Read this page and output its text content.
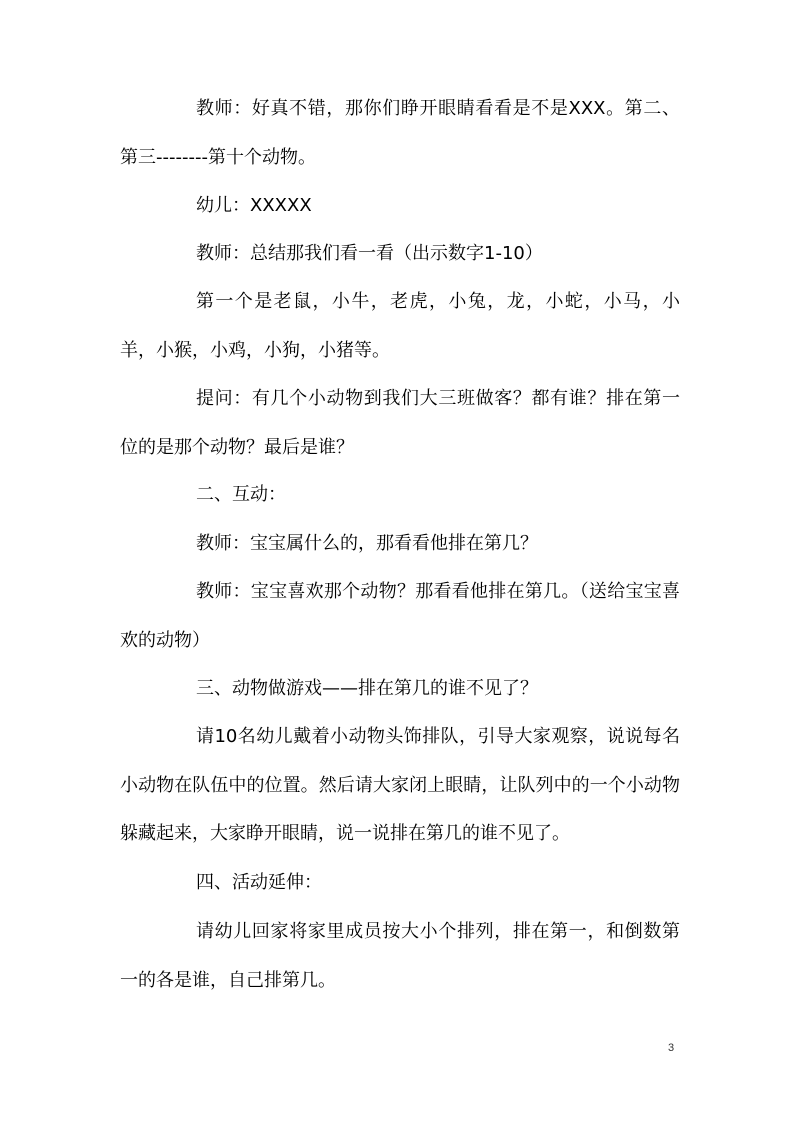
教师：好真不错，那你们睁开眼睛看看是不是XXX。第二、第三--------第十个动物。

幼儿：XXXXX

教师：总结那我们看一看（出示数字1-10）

第一个是老鼠，小牛，老虎，小兔，龙，小蛇，小马，小羊，小猴，小鸡，小狗，小猪等。

提问：有几个小动物到我们大三班做客？都有谁？排在第一位的是那个动物？最后是谁？

二、互动：

教师：宝宝属什么的，那看看他排在第几？

教师：宝宝喜欢那个动物？那看看他排在第几。（送给宝宝喜欢的动物）

三、动物做游戏——排在第几的谁不见了？

请10名幼儿戴着小动物头饰排队，引导大家观察，说说每名小动物在队伍中的位置。然后请大家闭上眼睛，让队列中的一个小动物躲藏起来，大家睁开眼睛，说一说排在第几的谁不见了。

四、活动延伸：

请幼儿回家将家里成员按大小个排列，排在第一，和倒数第一的各是谁，自己排第几。

3
